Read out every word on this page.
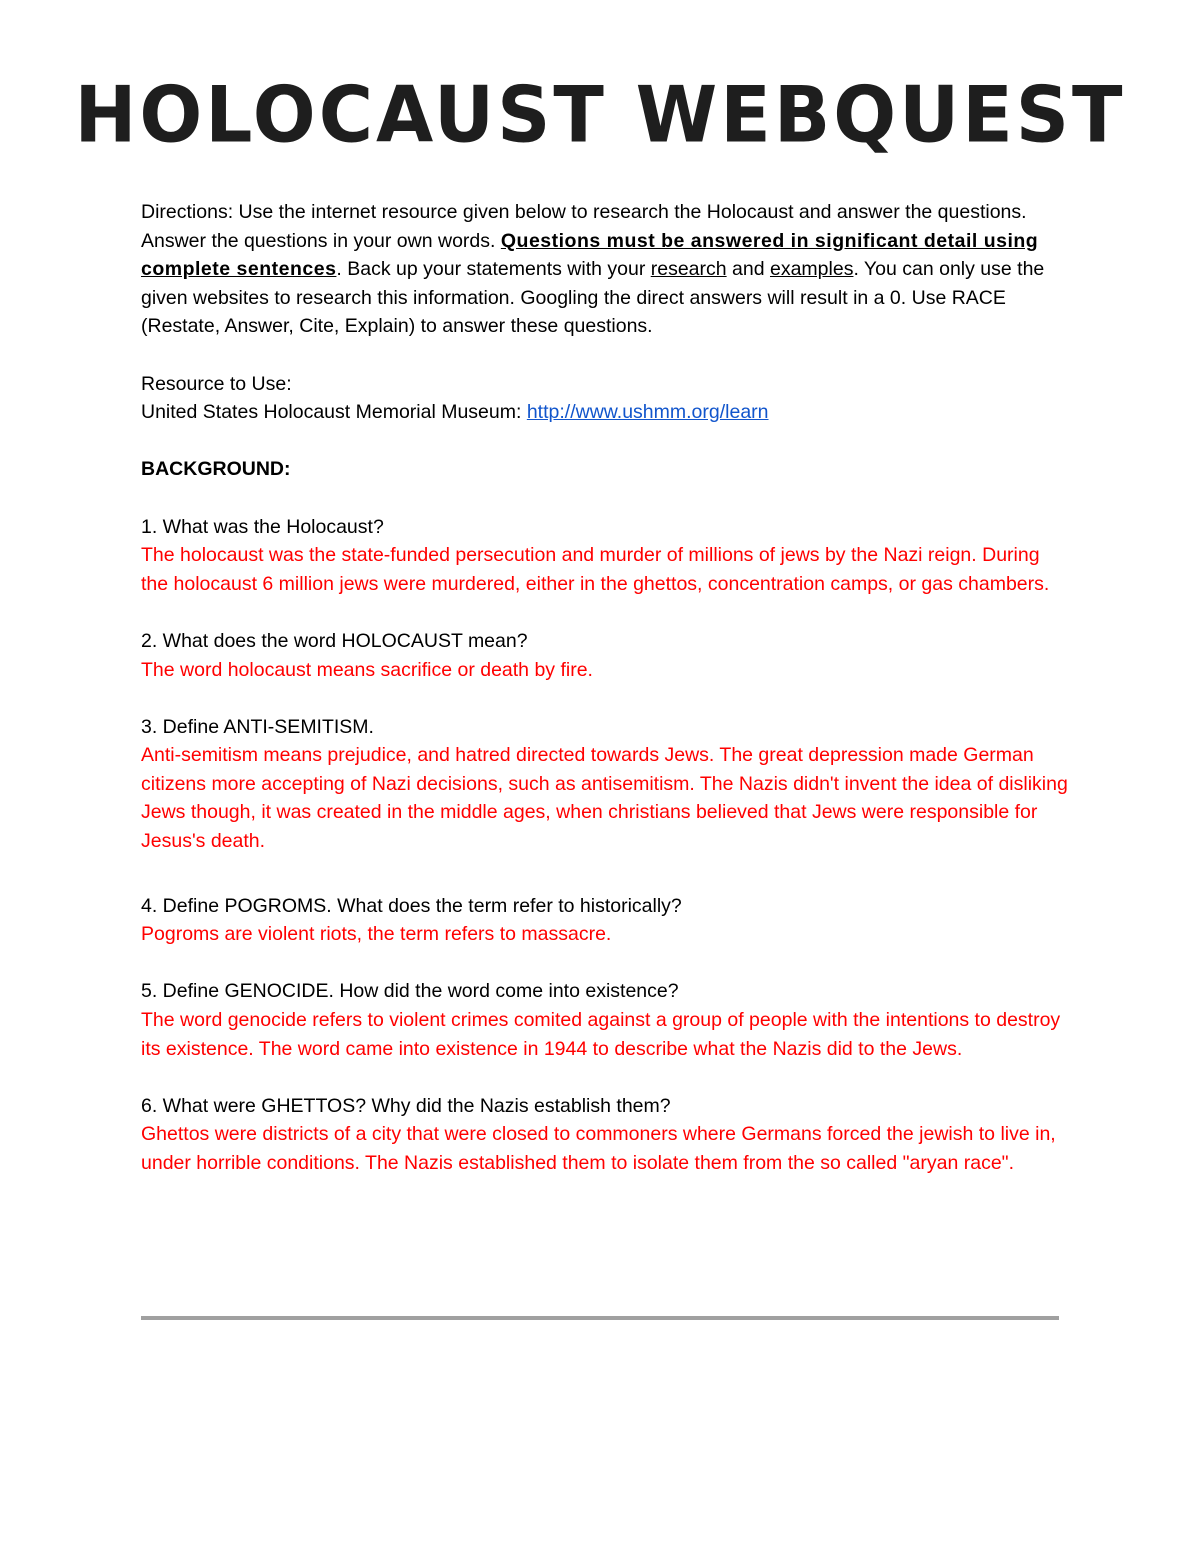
HOLOCAUST WEBQUEST

Directions: Use the internet resource given below to research the Holocaust and answer the questions. Answer the questions in your own words. Questions must be answered in significant detail using complete sentences. Back up your statements with your research and examples. You can only use the given websites to research this information. Googling the direct answers will result in a 0. Use RACE (Restate, Answer, Cite, Explain) to answer these questions.

Resource to Use:

United States Holocaust Memorial Museum: http://www.ushmm.org/learn

BACKGROUND:

1. What was the Holocaust?

The holocaust was the state-funded persecution and murder of millions of jews by the Nazi reign. During the holocaust 6 million jews were murdered, either in the ghettos, concentration camps, or gas chambers.

2. What does the word HOLOCAUST mean?

The word holocaust means sacrifice or death by fire.

3. Define ANTI-SEMITISM.

Anti-semitism means prejudice, and hatred directed towards Jews. The great depression made German citizens more accepting of Nazi decisions, such as antisemitism. The Nazis didn't invent the idea of disliking Jews though, it was created in the middle ages, when christians believed that Jews were responsible for Jesus's death.

4. Define POGROMS. What does the term refer to historically?

Pogroms are violent riots, the term refers to massacre.

5. Define GENOCIDE. How did the word come into existence?

The word genocide refers to violent crimes comited against a group of people with the intentions to destroy its existence. The word came into existence in 1944 to describe what the Nazis did to the Jews.

6. What were GHETTOS? Why did the Nazis establish them?

Ghettos were districts of a city that were closed to commoners where Germans forced the jewish to live in, under horrible conditions. The Nazis established them to isolate them from the so called "aryan race".
